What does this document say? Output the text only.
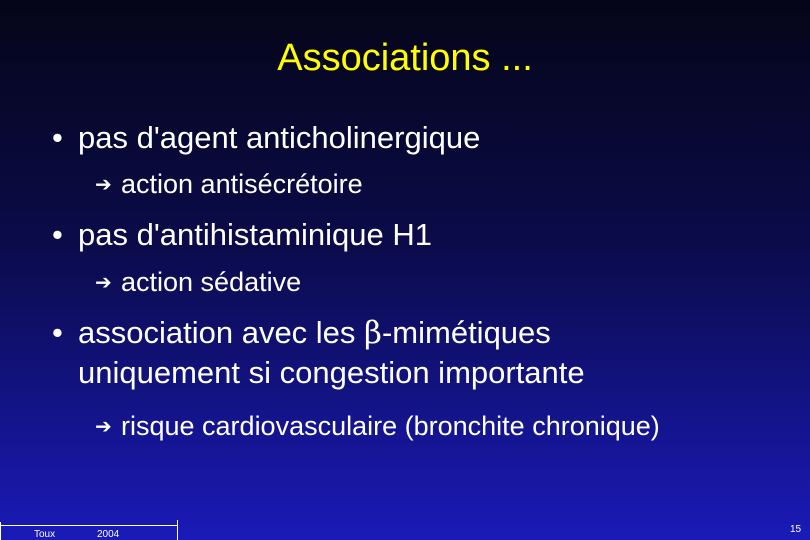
Associations ...
• pas d'agent anticholinergique
➔ action antisécrétoire
• pas d'antihistaminique H1
➔ action sédative
• association avec les β-mimétiques
uniquement si congestion importante
➔ risque cardiovasculaire (bronchite chronique)
Toux	2004	15
